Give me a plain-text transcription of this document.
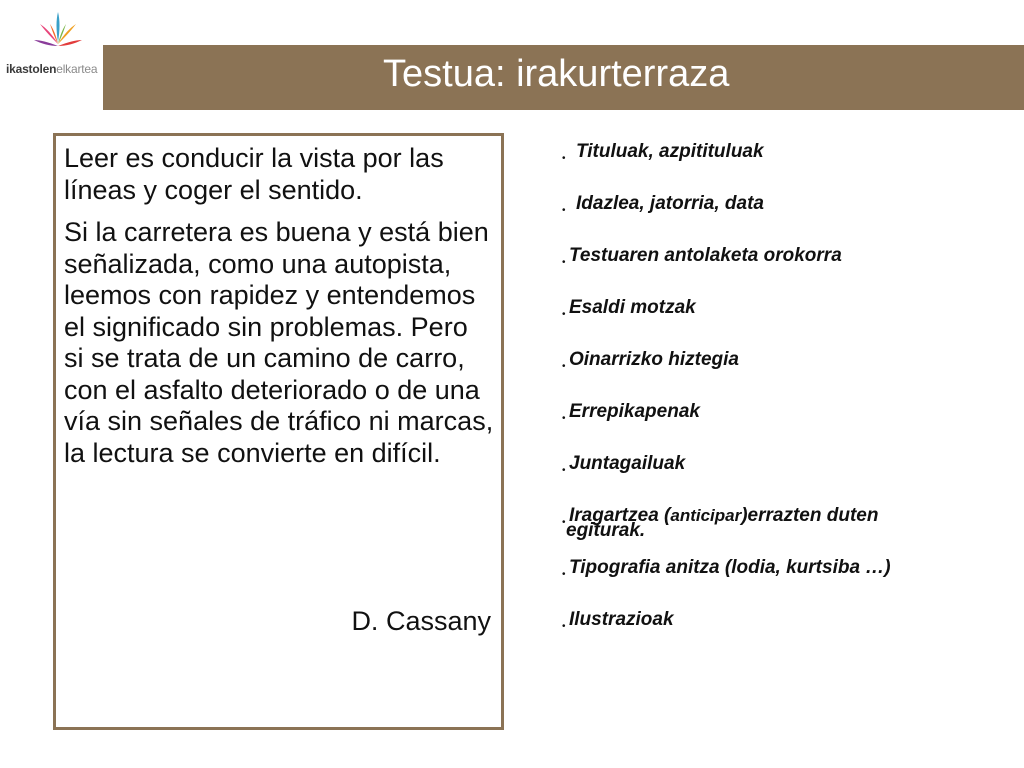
ikastolenelkartea	Testua: irakurterraza

Leer es conducir la vista por las líneas y coger el sentido.

Si la carretera es buena y está bien señalizada, como una autopista, leemos con rapidez y entendemos el significado sin problemas. Pero si se trata de un camino de carro, con el asfalto deteriorado o de una vía sin señales de tráfico ni marcas, la lectura se convierte en difícil.

D. Cassany
• Tituluak, azpitituluak
• Idazlea, jatorria, data
• Testuaren antolaketa orokorra
• Esaldi motzak
• Oinarrizko hiztegia
• Errepikapenak
• Juntagailuak
• Iragartzea (anticipar)errazten duten
egiturak.
• Tipografia anitza (lodia, kurtsiba …)
• Ilustrazioak
